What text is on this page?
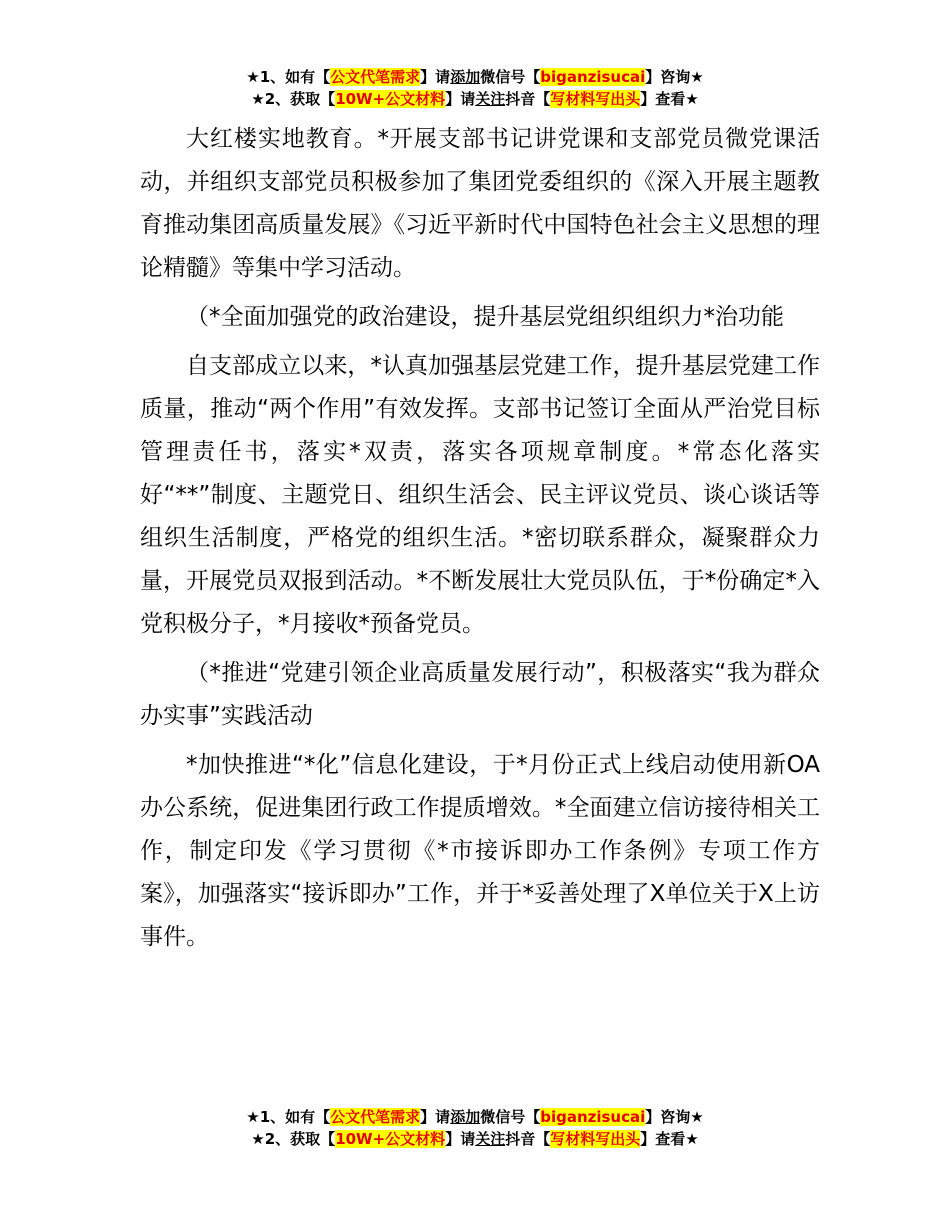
★1、如有【公文代笔需求】请添加微信号【biganzisucai】咨询★
★2、获取【10W+公文材料】请关注抖音【写材料写出头】查看★

大红楼实地教育。*开展支部书记讲党课和支部党员微党课活动，并组织支部党员积极参加了集团党委组织的《深入开展主题教育推动集团高质量发展》《习近平新时代中国特色社会主义思想的理论精髓》等集中学习活动。

（*全面加强党的政治建设，提升基层党组织组织力*治功能

自支部成立以来，*认真加强基层党建工作，提升基层党建工作质量，推动“两个作用”有效发挥。支部书记签订全面从严治党目标管理责任书，落实*双责，落实各项规章制度。*常态化落实好“**”制度、主题党日、组织生活会、民主评议党员、谈心谈话等组织生活制度，严格党的组织生活。*密切联系群众，凝聚群众力量，开展党员双报到活动。*不断发展壮大党员队伍，于*份确定*入党积极分子，*月接收*预备党员。

（*推进“党建引领企业高质量发展行动”，积极落实“我为群众办实事”实践活动

*加快推进“*化”信息化建设，于*月份正式上线启动使用新OA办公系统，促进集团行政工作提质增效。*全面建立信访接待相关工作，制定印发《学习贯彻《*市接诉即办工作条例》专项工作方案》，加强落实“接诉即办”工作，并于*妥善处理了X单位关于X上访事件。

★1、如有【公文代笔需求】请添加微信号【biganzisucai】咨询★
★2、获取【10W+公文材料】请关注抖音【写材料写出头】查看★
